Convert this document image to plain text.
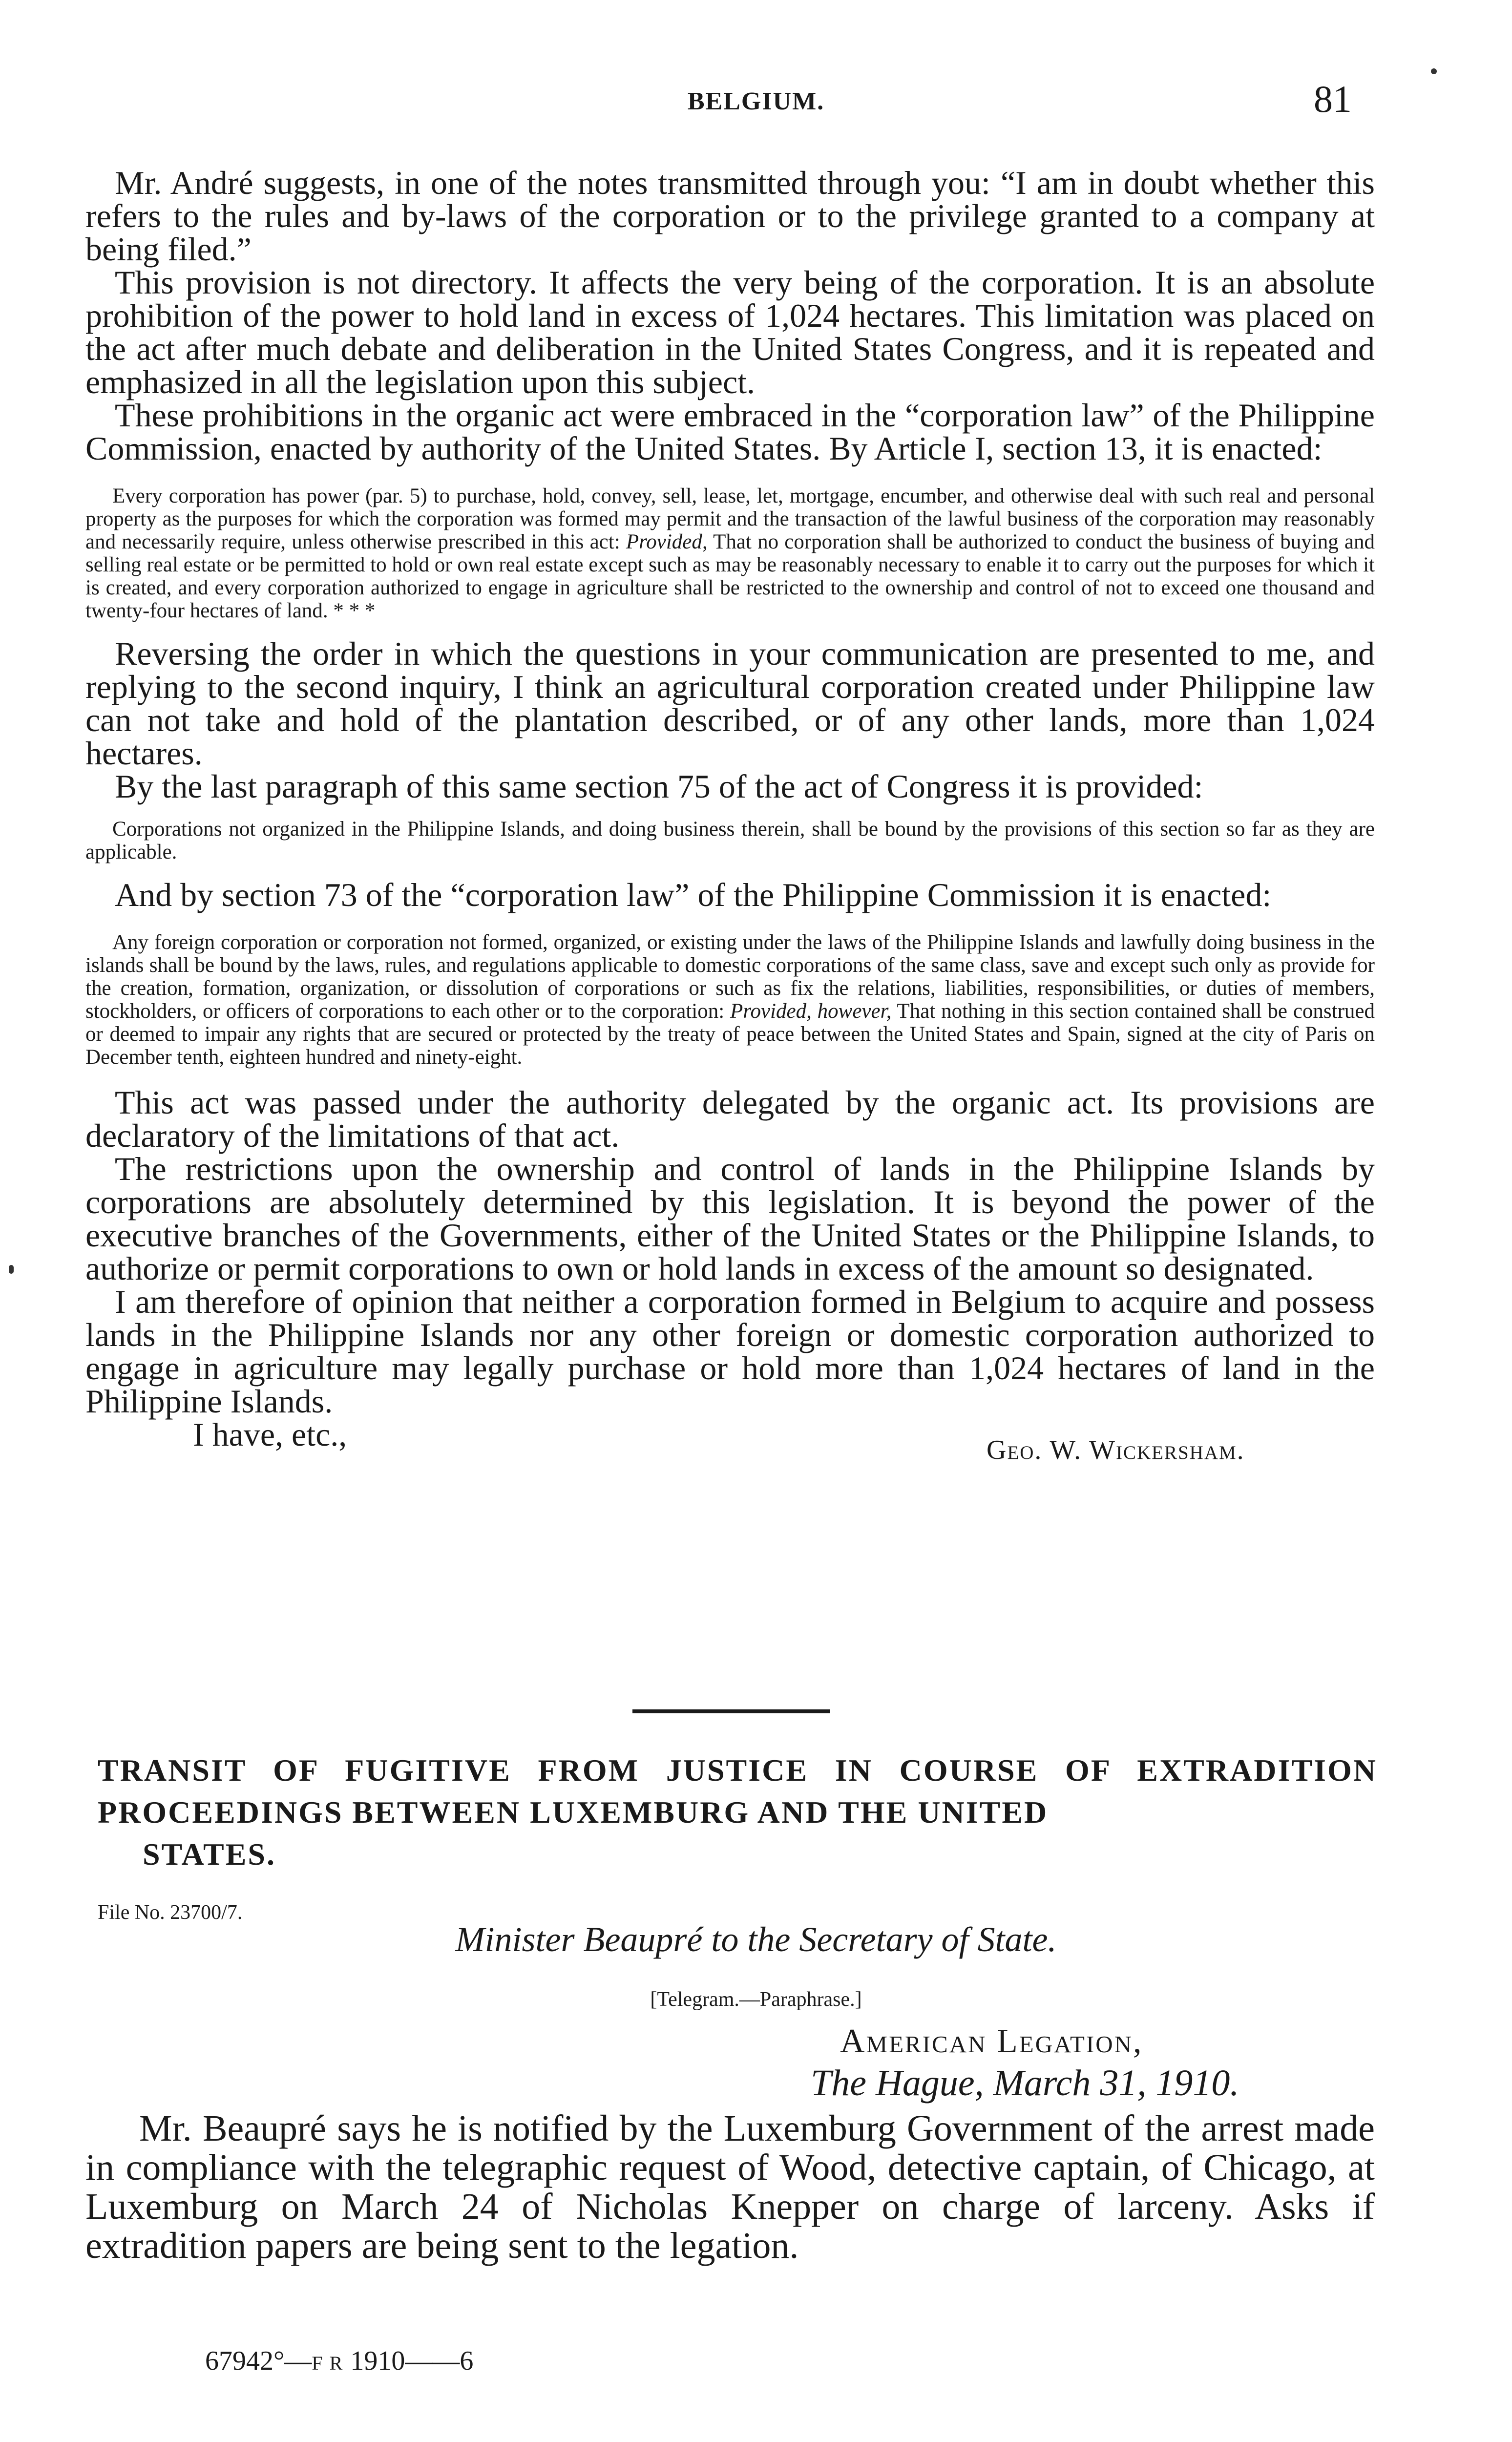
BELGIUM.	81

Mr. André suggests, in one of the notes transmitted through you: “I am in doubt whether this refers to the rules and by-laws of the corporation or to the privilege granted to a company at being filed.”

This provision is not directory. It affects the very being of the corporation. It is an absolute prohibition of the power to hold land in excess of 1,024 hectares. This limitation was placed on the act after much debate and deliberation in the United States Congress, and it is repeated and emphasized in all the legislation upon this subject.

These prohibitions in the organic act were embraced in the “corporation law” of the Philippine Commission, enacted by authority of the United States. By Article I, section 13, it is enacted:

Every corporation has power (par. 5) to purchase, hold, convey, sell, lease, let, mortgage, encumber, and otherwise deal with such real and personal property as the purposes for which the corporation was formed may permit and the transaction of the lawful business of the corporation may reasonably and necessarily require, unless otherwise prescribed in this act: Provided, That no corporation shall be authorized to conduct the business of buying and selling real estate or be permitted to hold or own real estate except such as may be reasonably necessary to enable it to carry out the purposes for which it is created, and every corporation authorized to engage in agriculture shall be restricted to the ownership and control of not to exceed one thousand and twenty-four hectares of land. * * *

Reversing the order in which the questions in your communication are presented to me, and replying to the second inquiry, I think an agricultural corporation created under Philippine law can not take and hold of the plantation described, or of any other lands, more than 1,024 hectares.

By the last paragraph of this same section 75 of the act of Congress it is provided:

Corporations not organized in the Philippine Islands, and doing business therein, shall be bound by the provisions of this section so far as they are applicable.

And by section 73 of the “corporation law” of the Philippine Commission it is enacted:

Any foreign corporation or corporation not formed, organized, or existing under the laws of the Philippine Islands and lawfully doing business in the islands shall be bound by the laws, rules, and regulations applicable to domestic corporations of the same class, save and except such only as provide for the creation, formation, organization, or dissolution of corporations or such as fix the relations, liabilities, responsibilities, or duties of members, stockholders, or officers of corporations to each other or to the corporation: Provided, however, That nothing in this section contained shall be construed or deemed to impair any rights that are secured or protected by the treaty of peace between the United States and Spain, signed at the city of Paris on December tenth, eighteen hundred and ninety-eight.

This act was passed under the authority delegated by the organic act. Its provisions are declaratory of the limitations of that act.

The restrictions upon the ownership and control of lands in the Philippine Islands by corporations are absolutely determined by this legislation. It is beyond the power of the executive branches of the Governments, either of the United States or the Philippine Islands, to authorize or permit corporations to own or hold lands in excess of the amount so designated.

I am therefore of opinion that neither a corporation formed in Belgium to acquire and possess lands in the Philippine Islands nor any other foreign or domestic corporation authorized to engage in agriculture may legally purchase or hold more than 1,024 hectares of land in the Philippine Islands.

I have, etc.,	Geo. W. Wickersham.
TRANSIT OF FUGITIVE FROM JUSTICE IN COURSE OF EXTRADITION PROCEEDINGS BETWEEN LUXEMBURG AND THE UNITED
STATES.
File No. 23700/7.
Minister Beaupré to the Secretary of State.
[Telegram.—Paraphrase.]
American Legation,
The Hague, March 31, 1910.

Mr. Beaupré says he is notified by the Luxemburg Government of the arrest made in compliance with the telegraphic request of Wood, detective captain, of Chicago, at Luxemburg on March 24 of Nicholas Knepper on charge of larceny. Asks if extradition papers are being sent to the legation.

67942°—F R 1910——6
